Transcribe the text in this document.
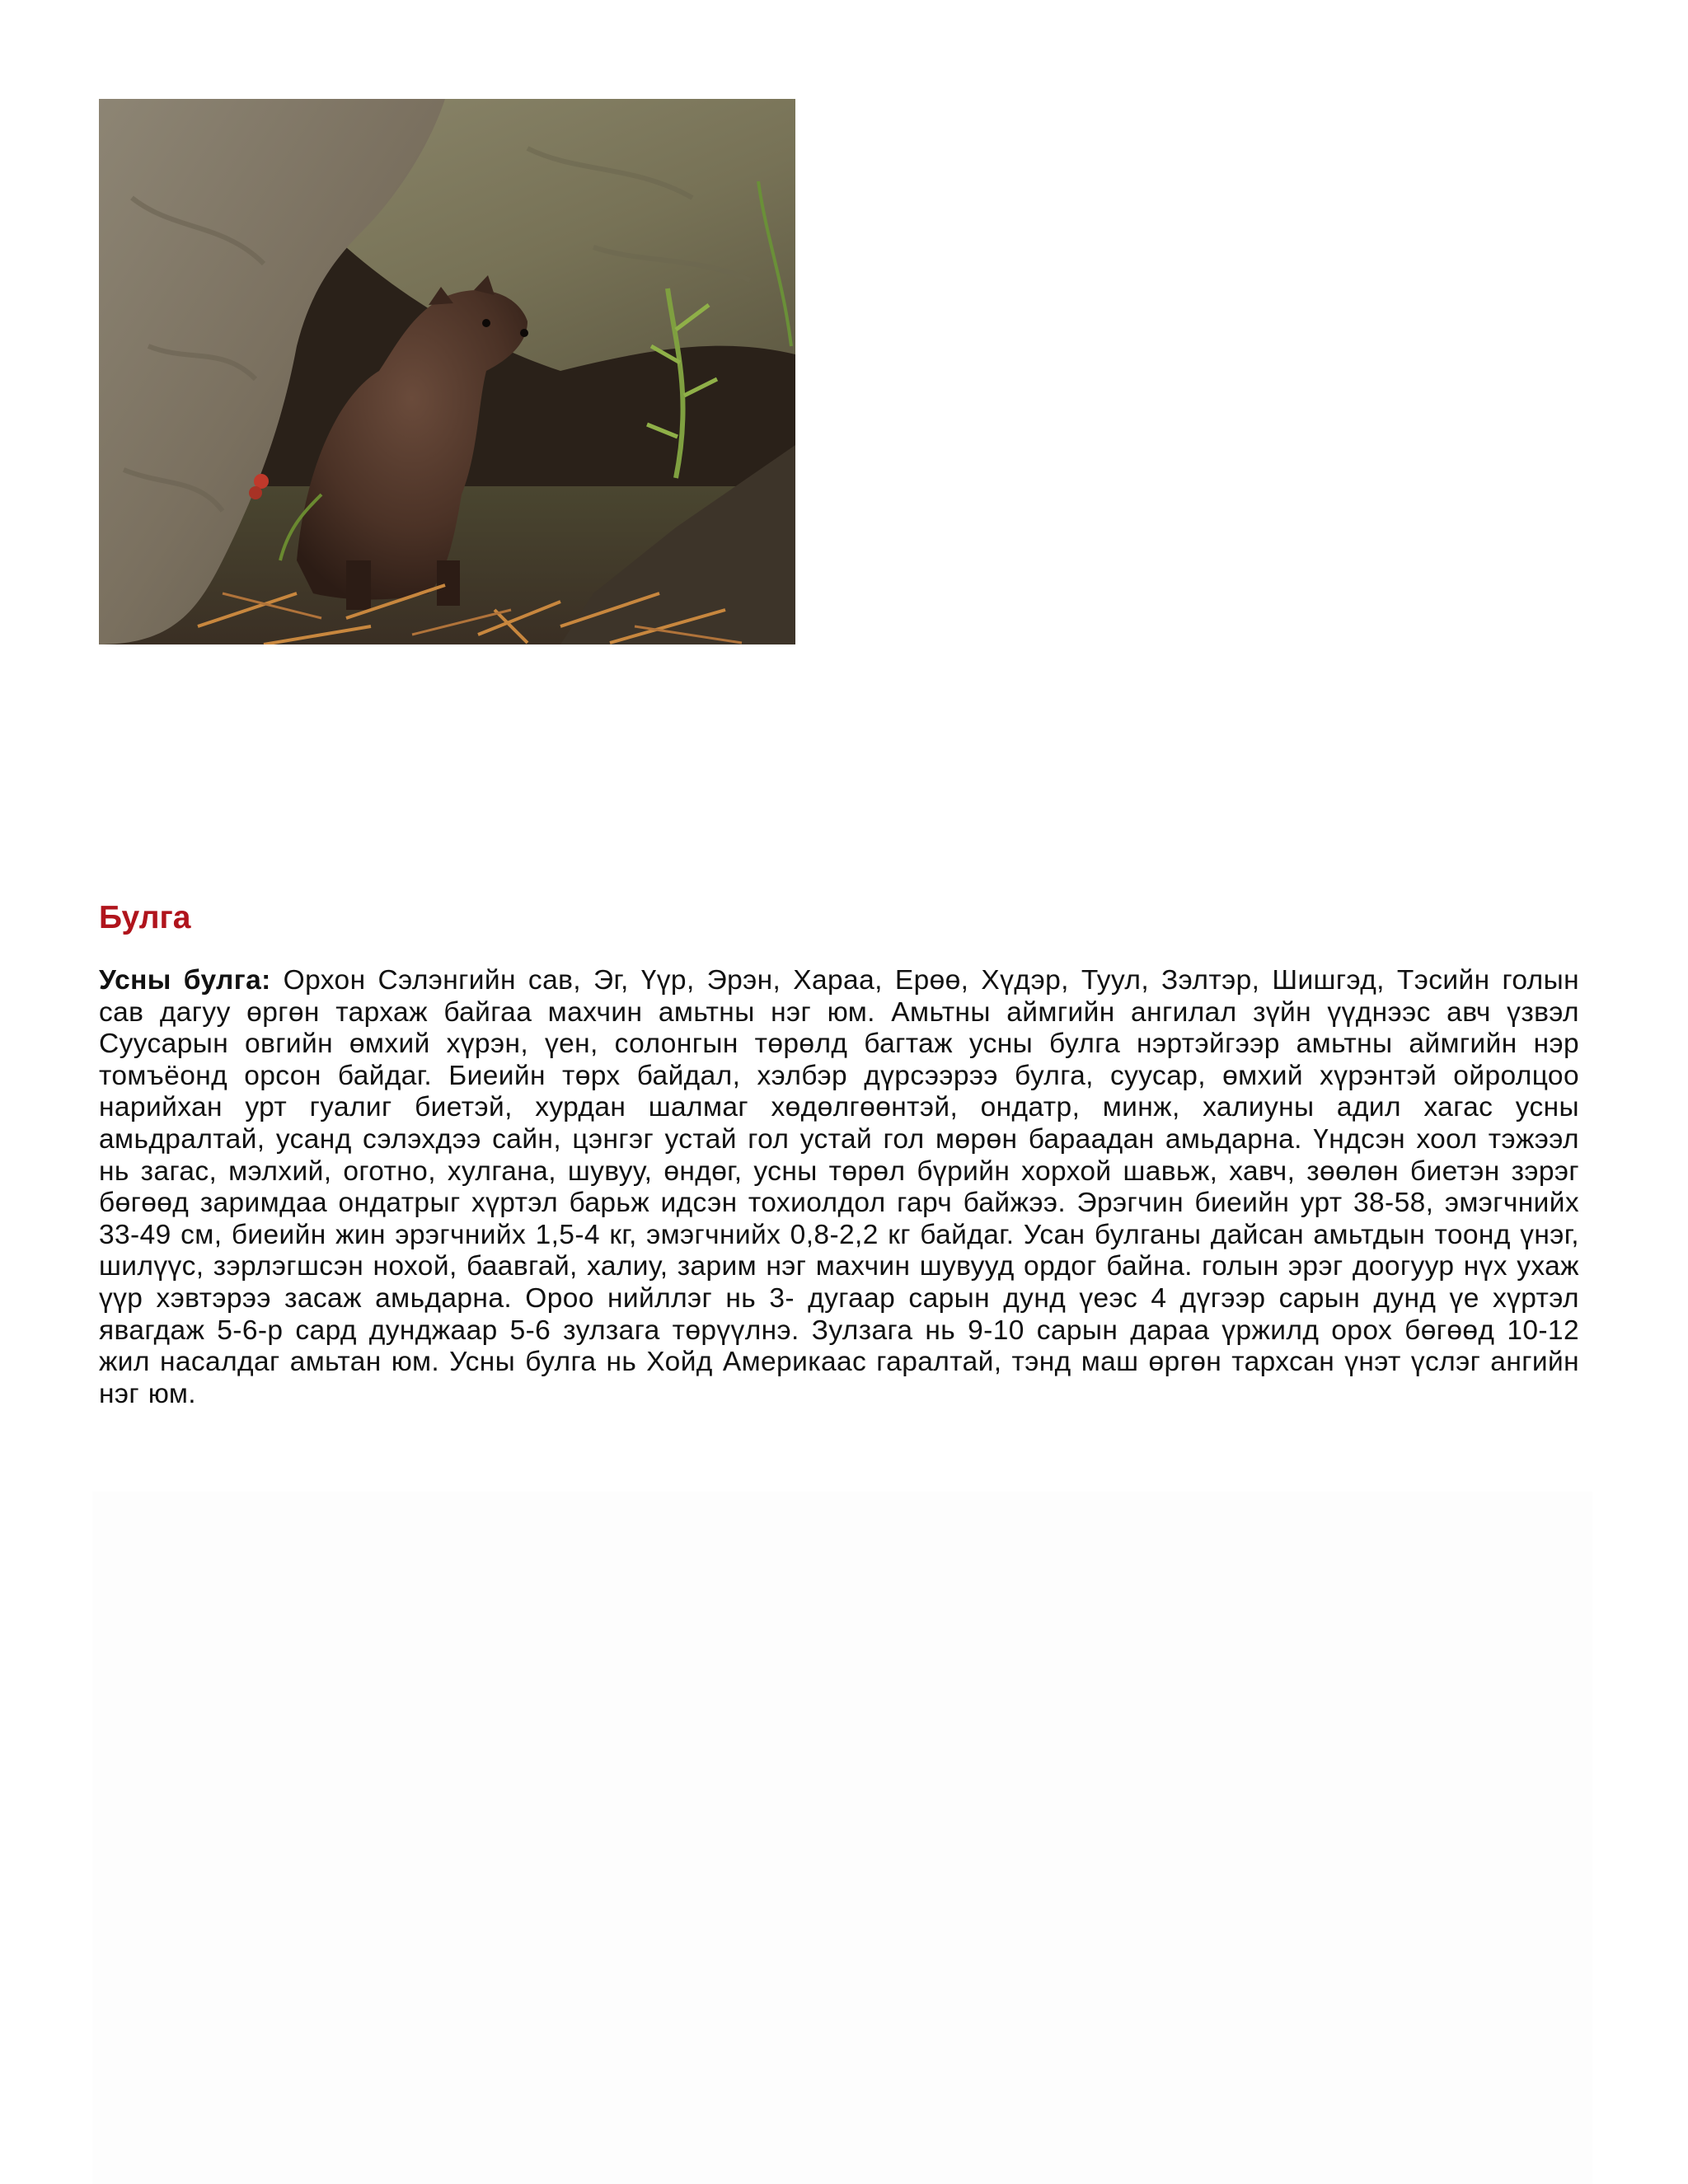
Булга

Усны булга: Орхон Сэлэнгийн сав, Эг, Үүр, Эрэн, Хараа, Ерөө, Хүдэр, Туул, Зэлтэр, Шишгэд, Тэсийн голын сав дагуу өргөн тархаж байгаа махчин амьтны нэг юм. Амьтны аймгийн ангилал зүйн үүднээс авч үзвэл Суусарын овгийн өмхий хүрэн, үен, солонгын төрөлд багтаж усны булга нэртэйгээр амьтны аймгийн нэр томъёонд орсон байдаг. Биеийн төрх байдал, хэлбэр дүрсээрээ булга, суусар, өмхий хүрэнтэй ойролцоо нарийхан урт гуалиг биетэй, хурдан шалмаг хөдөлгөөнтэй, ондатр, минж, халиуны адил хагас усны амьдралтай, усанд сэлэхдээ сайн, цэнгэг устай гол устай гол мөрөн бараадан амьдарна. Үндсэн хоол тэжээл нь загас, мэлхий, оготно, хулгана, шувуу, өндөг, усны төрөл бүрийн хорхой шавьж, хавч, зөөлөн биетэн зэрэг бөгөөд заримдаа ондатрыг хүртэл барьж идсэн тохиолдол гарч байжээ. Эрэгчин биеийн урт 38-58, эмэгчнийх 33-49 см, биеийн жин эрэгчнийх 1,5-4 кг, эмэгчнийх 0,8-2,2 кг байдаг. Усан булганы дайсан амьтдын тоонд үнэг, шилүүс, зэрлэгшсэн нохой, баавгай, халиу, зарим нэг махчин шувууд ордог байна. голын эрэг доогуур нүх ухаж үүр хэвтэрээ засаж амьдарна. Ороо нийллэг нь 3- дугаар сарын дунд үеэс 4 дүгээр сарын дунд үе хүртэл явагдаж 5-6-р сард дунджаар 5-6 зулзага төрүүлнэ. Зулзага нь 9-10 сарын дараа үржилд орох бөгөөд 10-12 жил насалдаг амьтан юм. Усны булга нь Хойд Америкаас гаралтай, тэнд маш өргөн тархсан үнэт үслэг ангийн нэг юм.
